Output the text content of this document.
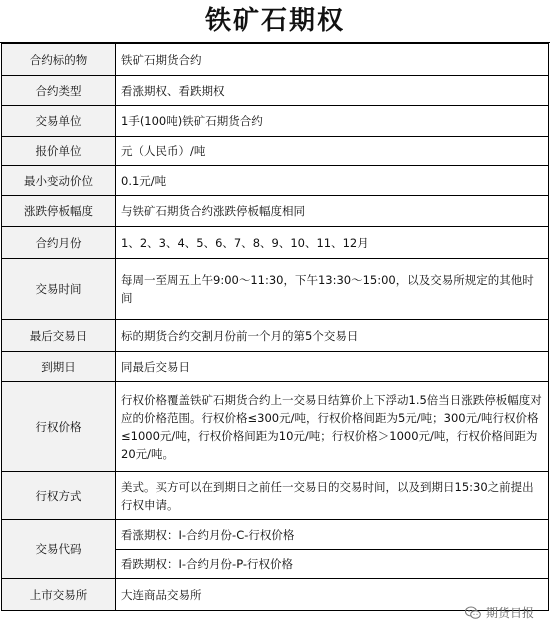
铁矿石期权
合约标的物	铁矿石期货合约
合约类型	看涨期权、看跌期权
交易单位	1手(100吨)铁矿石期货合约
报价单位	元（人民币）/吨
最小变动价位	0.1元/吨
涨跌停板幅度	与铁矿石期货合约涨跌停板幅度相同
合约月份	1、2、3、4、5、6、7、8、9、10、11、12月
交易时间	每周一至周五上午9:00～11:30，下午13:30～15:00，以及交易所规定的其他时间
最后交易日	标的期货合约交割月份前一个月的第5个交易日
到期日	同最后交易日
行权价格	行权价格覆盖铁矿石期货合约上一交易日结算价上下浮动1.5倍当日涨跌停板幅度对应的价格范围。行权价格≤300元/吨，行权价格间距为5元/吨；300元/吨行权价格≤1000元/吨，行权价格间距为10元/吨；行权价格＞1000元/吨，行权价格间距为20元/吨。
行权方式	美式。买方可以在到期日之前任一交易日的交易时间，以及到期日15:30之前提出行权申请。
交易代码	看涨期权：I-合约月份-C-行权价格
	看跌期权：I-合约月份-P-行权价格
上市交易所	大连商品交易所
期货日报
